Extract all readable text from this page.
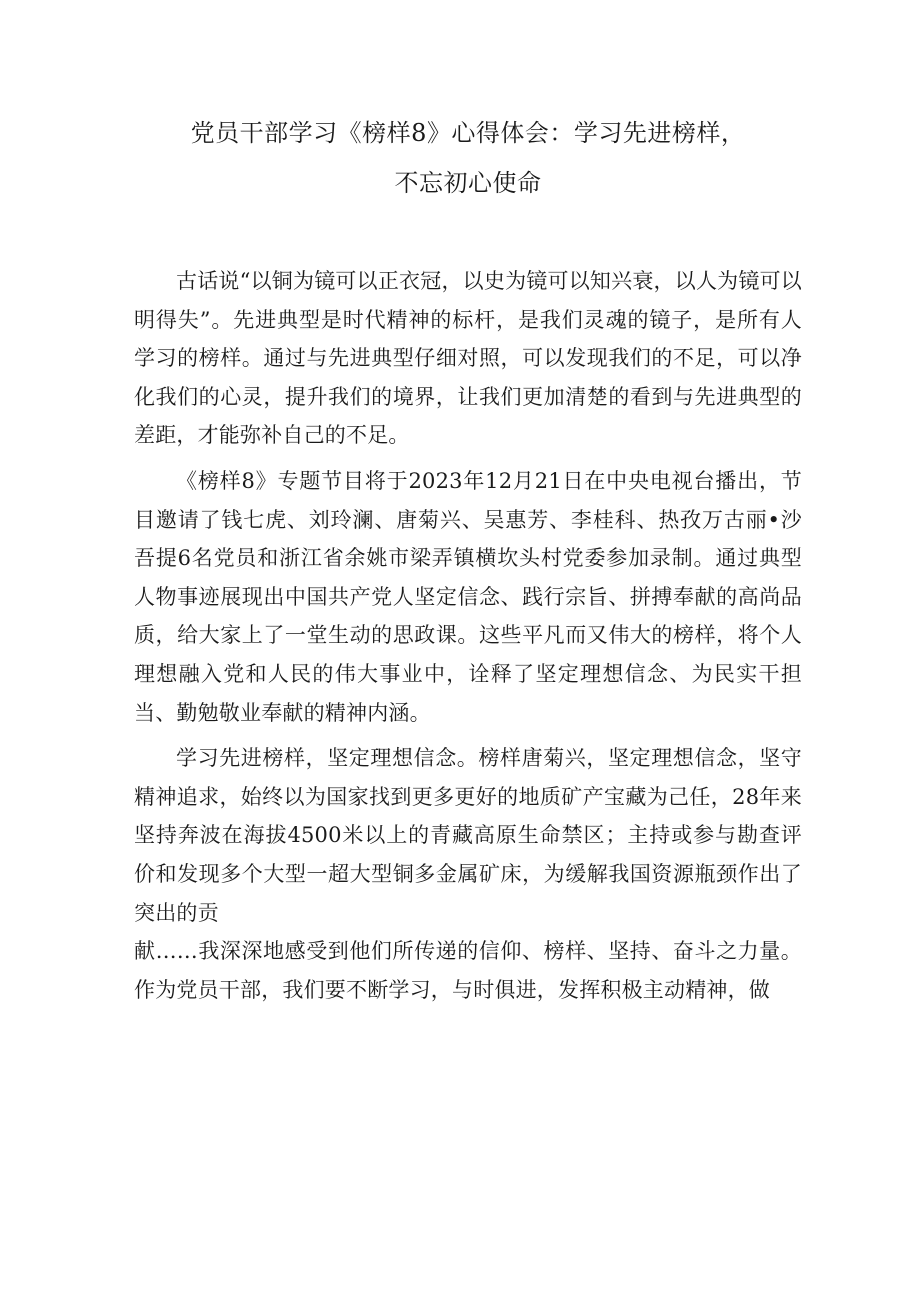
党员干部学习《榜样8》心得体会：学习先进榜样，
不忘初心使命

古话说“以铜为镜可以正衣冠，以史为镜可以知兴衰，以人为镜可以明得失”。先进典型是时代精神的标杆，是我们灵魂的镜子，是所有人学习的榜样。通过与先进典型仔细对照，可以发现我们的不足，可以净化我们的心灵，提升我们的境界，让我们更加清楚的看到与先进典型的差距，才能弥补自己的不足。

《榜样8》专题节目将于2023年12月21日在中央电视台播出，节目邀请了钱七虎、刘玲澜、唐菊兴、吴惠芳、李桂科、热孜万古丽•沙吾提6名党员和浙江省余姚市梁弄镇横坎头村党委参加录制。通过典型人物事迹展现出中国共产党人坚定信念、践行宗旨、拼搏奉献的高尚品质，给大家上了一堂生动的思政课。这些平凡而又伟大的榜样，将个人理想融入党和人民的伟大事业中，诠释了坚定理想信念、为民实干担当、勤勉敬业奉献的精神内涵。

学习先进榜样，坚定理想信念。榜样唐菊兴，坚定理想信念，坚守精神追求，始终以为国家找到更多更好的地质矿产宝藏为己任，28年来坚持奔波在海拔4500米以上的青藏高原生命禁区；主持或参与勘查评价和发现多个大型一超大型铜多金属矿床，为缓解我国资源瓶颈作出了突出的贡

献……我深深地感受到他们所传递的信仰、榜样、坚持、奋斗之力量。作为党员干部，我们要不断学习，与时俱进，发挥积极主动精神，做
